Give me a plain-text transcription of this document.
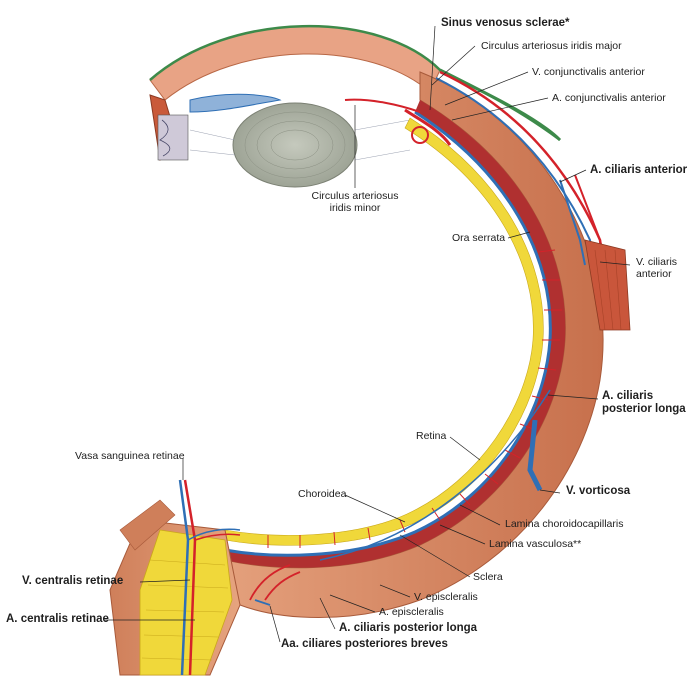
Sinus venosus sclerae*
Circulus arteriosus iridis major
V. conjunctivalis anterior
A. conjunctivalis anterior
A. ciliaris anterior
Circulus arteriosus
iridis minor
Ora serrata
V. ciliaris
anterior
A. ciliaris
posterior longa
Retina
Vasa sanguinea retinae
V. vorticosa
Choroidea
Lamina choroidocapillaris
Lamina vasculosa**
V. centralis retinae	Sclera
V. episcleralis
A. episcleralis
A. centralis retinae
A. ciliaris posterior longa
Aa. ciliares posteriores breves
